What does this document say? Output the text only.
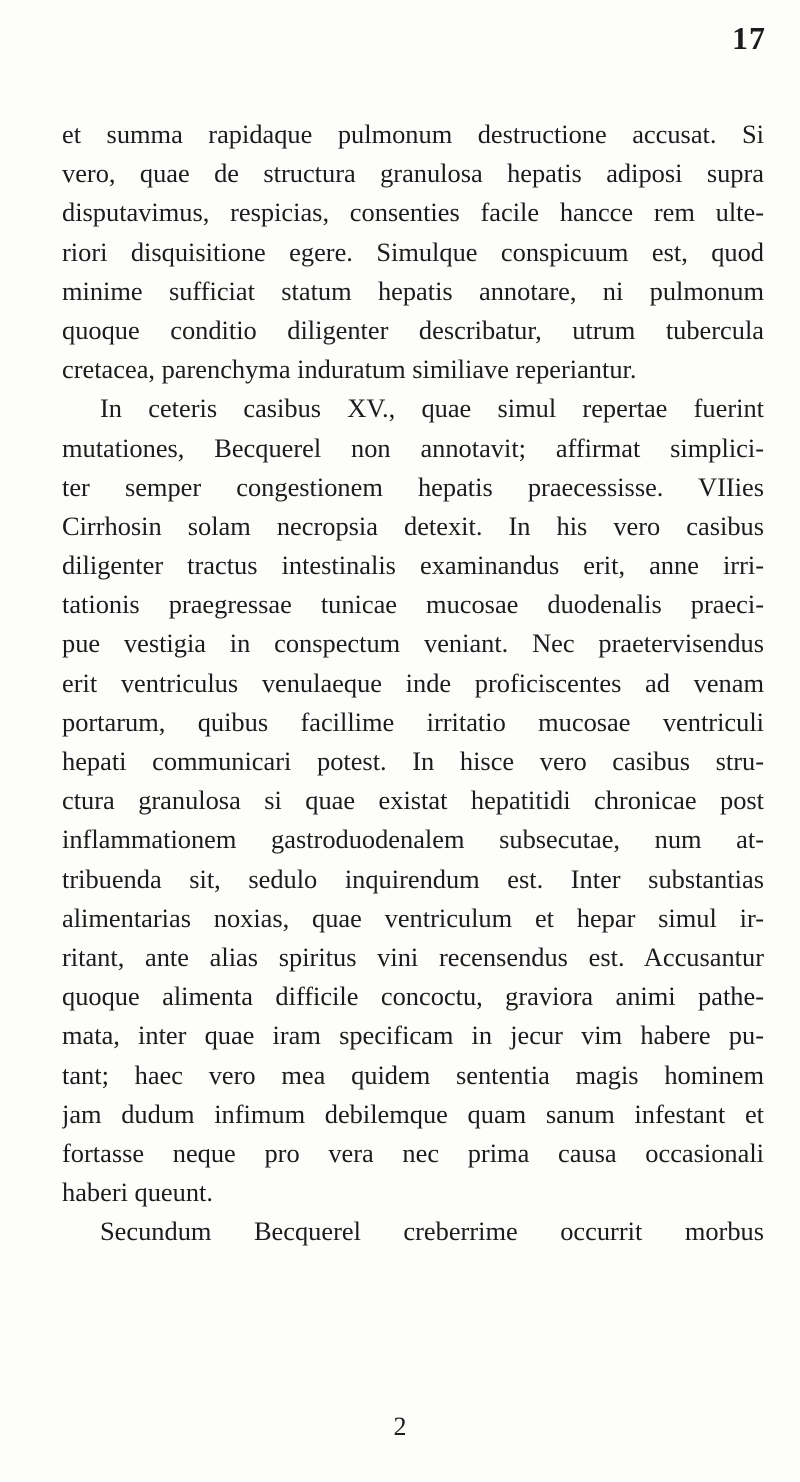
17
et summa rapidaque pulmonum destructione accusat. Si
vero, quae de structura granulosa hepatis adiposi supra
disputavimus, respicias, consenties facile hancce rem ulte-
riori disquisitione egere. Simulque conspicuum est, quod
minime sufficiat statum hepatis annotare, ni pulmonum
quoque conditio diligenter describatur, utrum tubercula
cretacea, parenchyma induratum similiave reperiantur.
In ceteris casibus XV., quae simul repertae fuerint
mutationes, Becquerel non annotavit; affirmat simplici-
ter semper congestionem hepatis praecessisse. VIIies
Cirrhosin solam necropsia detexit. In his vero casibus
diligenter tractus intestinalis examinandus erit, anne irri-
tationis praegressae tunicae mucosae duodenalis praeci-
pue vestigia in conspectum veniant. Nec praetervisendus
erit ventriculus venulaeque inde proficiscentes ad venam
portarum, quibus facillime irritatio mucosae ventriculi
hepati communicari potest. In hisce vero casibus stru-
ctura granulosa si quae existat hepatitidi chronicae post
inflammationem gastroduodenalem subsecutae, num at-
tribuenda sit, sedulo inquirendum est. Inter substantias
alimentarias noxias, quae ventriculum et hepar simul ir-
ritant, ante alias spiritus vini recensendus est. Accusantur
quoque alimenta difficile concoctu, graviora animi pathe-
mata, inter quae iram specificam in jecur vim habere pu-
tant; haec vero mea quidem sententia magis hominem
jam dudum infimum debilemque quam sanum infestant et
fortasse neque pro vera nec prima causa occasionali
haberi queunt.
Secundum Becquerel creberrime occurrit morbus
2
